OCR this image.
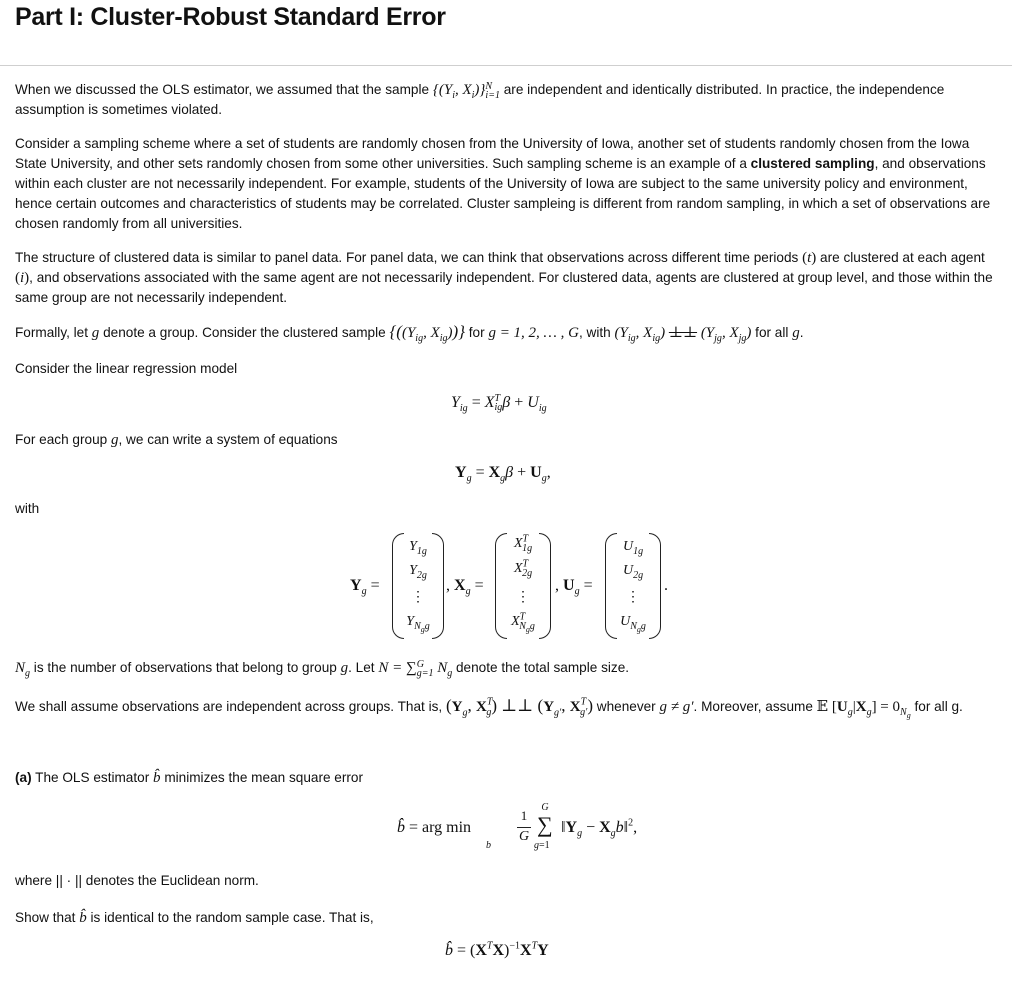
Part I: Cluster-Robust Standard Error

When we discussed the OLS estimator, we assumed that the sample {($Y_i$, $X_i)\}N$
i=1 are independent and identically distributed. In practice, the independence assumption is sometimes violated.

Consider a sampling scheme where a set of students are randomly chosen from the University of Iowa, another set of students randomly chosen from the Iowa State University, and other sets randomly chosen from some other universities. Such sampling scheme is an example of a clustered sampling, and observations within each cluster are not necessarily independent. For example, students of the University of Iowa are subject to the same university policy and environment, hence certain outcomes and characteristics of students may be correlated. Cluster sampleing is different from random sampling, in which a set of observations are chosen randomly from all universities.

The structure of clustered data is similar to panel data. For panel data, we can think that observations across different time periods (t) are clustered at each agent (i), and observations associated with the same agent are not necessarily independent. For clustered data, agents are clustered at group level, and those within the same group are not necessarily independent.

Formally, let g denote a group. Consider the clustered sample {(($Y_{ig}$, $X_{ig}$))} for g = 1, 2, … , G, with ($Y_{ig}$, $X_{ig}$) ⊥⊥ ($Y_{jg}$, $X_{jg}$) for all g.

Consider the linear regression model

$Y_{ig}$ = XT
$ig\beta + U_{ig}$

For each group g, we can write a system of equations

$Y_g = X_g\beta + U_g$,

with

$Y_g$ =
$Y_{1g}$
$Y_{2g}$
⋮
$Y_{N_gg}$
, $X_g$ =
$X^T_{1g}$
$X^T_{2g}$
⋮
$X^T_{N_gg}$
, $U_g$ =
$U_{1g}$
$U_{2g}$
⋮
$U_{N_gg}$
.

$N_g$ is the number of observations that belong to group g. Let N = ∑G
g=1 $N_g$ denote the total sample size.

We shall assume observations are independent across groups. That is, ($Y_g$, $X^T_g$) ⊥⊥ ($Y_{g'}$, $X^T_{g'}$) whenever g ≠ g′. Moreover, assume 𝔼 $[U_g|X_g] = 0_{N_g}$ for all g.

(a) The OLS estimator b̂ minimizes the mean square error

b̂ = arg min
b
1
G
G
∑
g=1
$‖Y_g$ − $X_gb‖^2$,

where || · || denotes the Euclidean norm.

Show that b̂ is identical to the random sample case. That is,

b̂ = $(X^TX)^{-1}X^TY$
